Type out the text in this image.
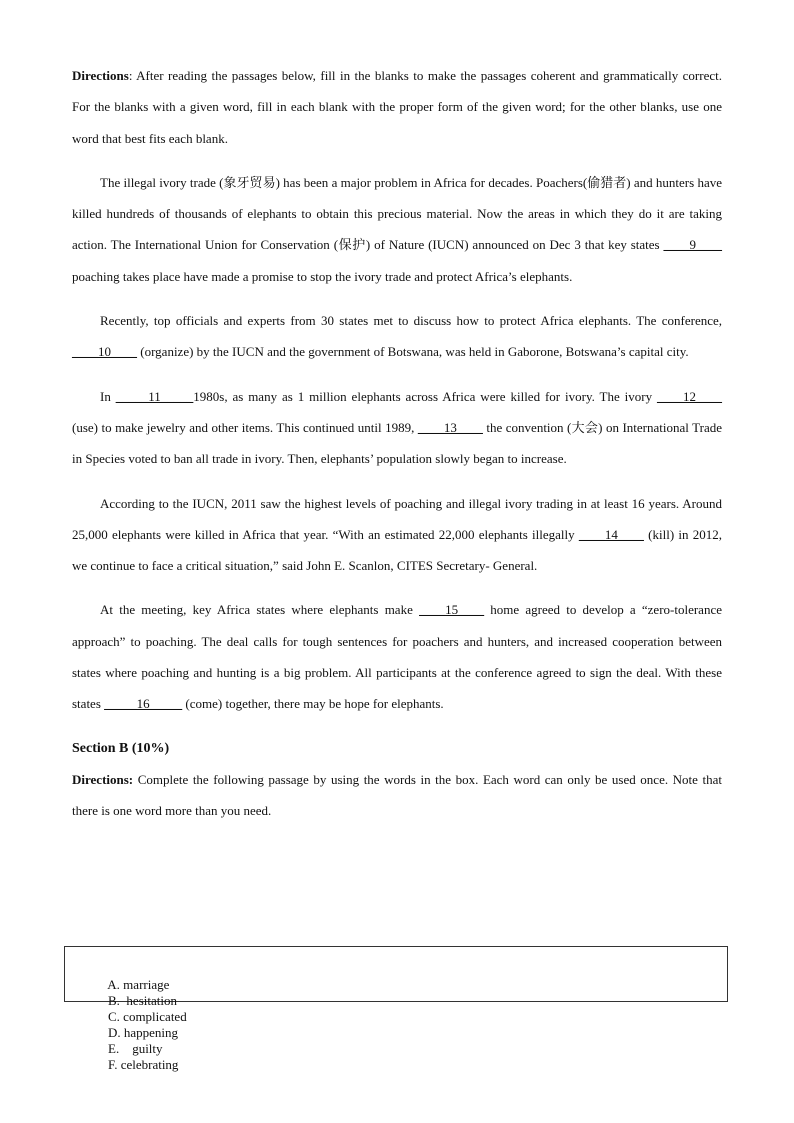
Directions: After reading the passages below, fill in the blanks to make the passages coherent and grammatically correct. For the blanks with a given word, fill in each blank with the proper form of the given word; for the other blanks, use one word that best fits each blank.

The illegal ivory trade (象牙贸易) has been a major problem in Africa for decades. Poachers(偷猎者) and hunters have killed hundreds of thousands of elephants to obtain this precious material. Now the areas in which they do it are taking action. The International Union for Conservation (保护) of Nature (IUCN) announced on Dec 3 that key states ____9____ poaching takes place have made a promise to stop the ivory trade and protect Africa’s elephants.

Recently, top officials and experts from 30 states met to discuss how to protect Africa elephants. The conference, ____10____ (organize) by the IUCN and the government of Botswana, was held in Gaborone, Botswana’s capital city.

In _____11_____1980s, as many as 1 million elephants across Africa were killed for ivory. The ivory ____12____ (use) to make jewelry and other items. This continued until 1989, ____13____ the convention (大会) on International Trade in Species voted to ban all trade in ivory. Then, elephants’ population slowly began to increase.

According to the IUCN, 2011 saw the highest levels of poaching and illegal ivory trading in at least 16 years. Around 25,000 elephants were killed in Africa that year. “With an estimated 22,000 elephants illegally ____14____ (kill) in 2012, we continue to face a critical situation,” said John E. Scanlon, CITES Secretary- General.

At the meeting, key Africa states where elephants make ____15____ home agreed to develop a “zero-tolerance approach” to poaching. The deal calls for tough sentences for poachers and hunters, and increased cooperation between states where poaching and hunting is a big problem. All participants at the conference agreed to sign the deal. With these states _____16_____ (come) together, there may be hope for elephants.

Section B (10%)

Directions: Complete the following passage by using the words in the box. Each word can only be used once. Note that there is one word more than you need.

A. marriage
B.  hesitation
C. complicated
D. happening
E.    guilty
F. celebrating
